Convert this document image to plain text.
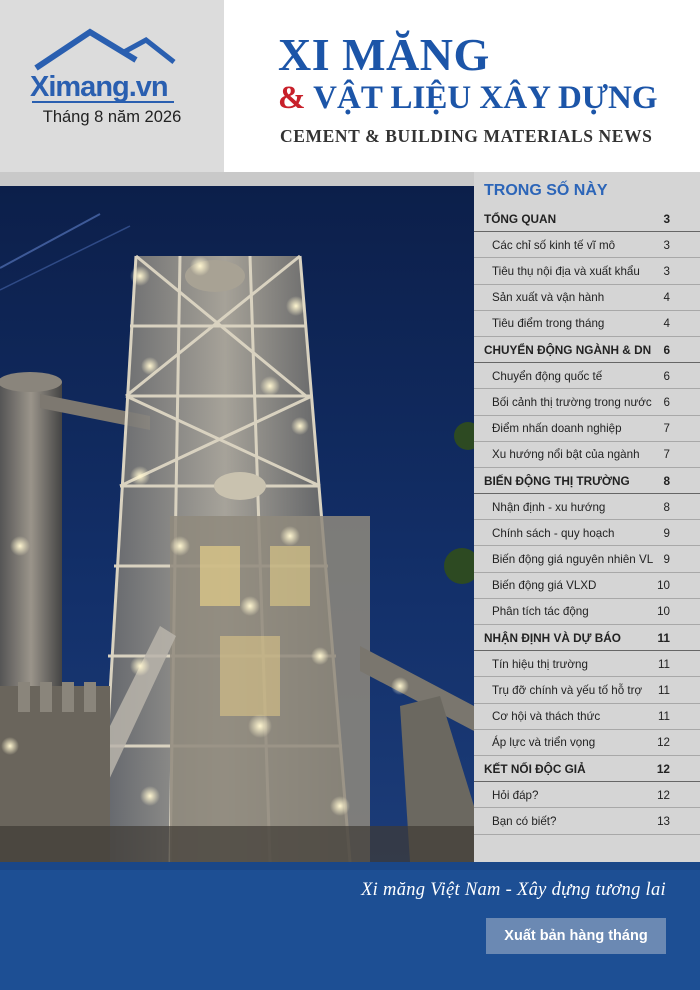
Ximang.vn
Tháng 8 năm 2026
XI MĂNG
& VẬT LIỆU XÂY DỰNG
CEMENT & BUILDING MATERIALS NEWS
TRONG SỐ NÀY
TỔNG QUAN	3
Các chỉ số kinh tế vĩ mô	3
Tiêu thụ nội địa và xuất khẩu	3
Sản xuất và vận hành	4
Tiêu điểm trong tháng	4
CHUYỂN ĐỘNG NGÀNH & DN	6
Chuyển động quốc tế	6
Bối cảnh thị trường trong nước	6
Điểm nhấn doanh nghiệp	7
Xu hướng nổi bật của ngành	7
BIẾN ĐỘNG THỊ TRƯỜNG	8
Nhận định - xu hướng	8
Chính sách - quy hoạch	9
Biến động giá nguyên nhiên VL 9
Biến động giá VLXD	10
Phân tích tác động	10
NHẬN ĐỊNH VÀ DỰ BÁO	11
Tín hiệu thị trường	11
Trụ đỡ chính và yếu tố hỗ trợ	11
Cơ hội và thách thức	11
Áp lực và triển vọng	12
KẾT NỐI ĐỘC GIẢ	12
Hỏi đáp?	12
Bạn có biết?	13
Xi măng Việt Nam - Xây dựng tương lai
Xuất bản hàng tháng
